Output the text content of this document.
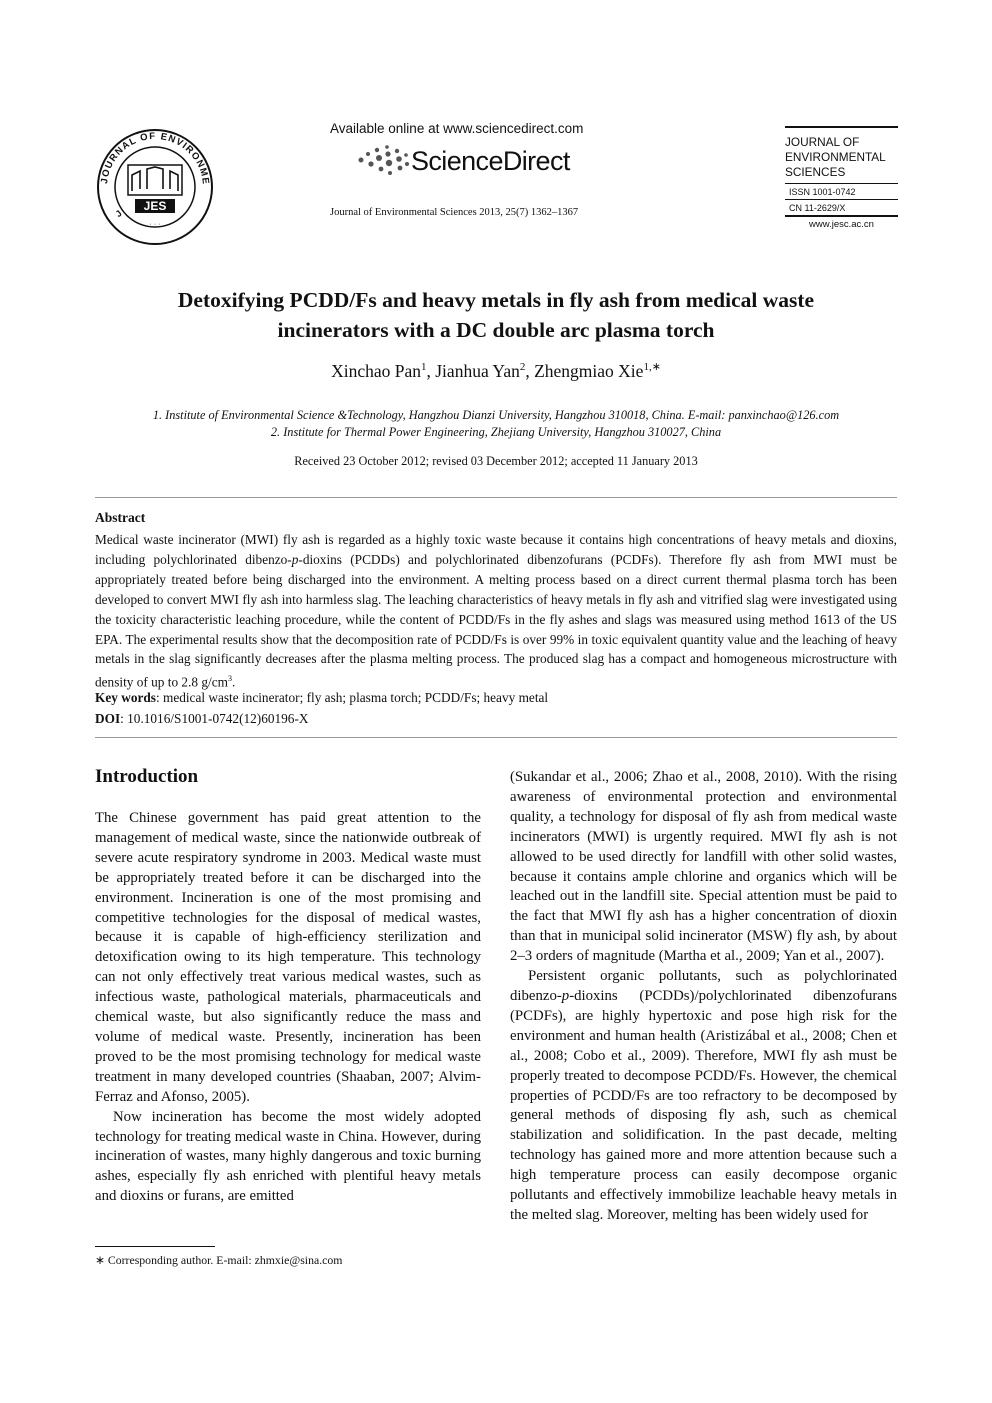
J
JOURNAL OF ENVIRONME
JES
· · ·
Available online at www.sciencedirect.com
ScienceDirect
Journal of Environmental Sciences 2013, 25(7) 1362–1367
JOURNAL OF
ENVIRONMENTAL
SCIENCES
ISSN 1001-0742
CN 11-2629/X
www.jesc.ac.cn
Detoxifying PCDD/Fs and heavy metals in fly ash from medical waste
incinerators with a DC double arc plasma torch
Xinchao Pan$^1$, Jianhua Yan$^2$, Zhengmiao Xie$^{1,∗}$
1. Institute of Environmental Science &Technology, Hangzhou Dianzi University, Hangzhou 310018, China. E-mail: panxinchao@126.com
2. Institute for Thermal Power Engineering, Zhejiang University, Hangzhou 310027, China
Received 23 October 2012; revised 03 December 2012; accepted 11 January 2013
Abstract
Medical waste incinerator (MWI) fly ash is regarded as a highly toxic waste because it contains high concentrations of heavy metals and dioxins, including polychlorinated dibenzo-p-dioxins (PCDDs) and polychlorinated dibenzofurans (PCDFs). Therefore fly ash from MWI must be appropriately treated before being discharged into the environment. A melting process based on a direct current thermal plasma torch has been developed to convert MWI fly ash into harmless slag. The leaching characteristics of heavy metals in fly ash and vitrified slag were investigated using the toxicity characteristic leaching procedure, while the content of PCDD/Fs in the fly ashes and slags was measured using method 1613 of the US EPA. The experimental results show that the decomposition rate of PCDD/Fs is over 99% in toxic equivalent quantity value and the leaching of heavy metals in the slag significantly decreases after the plasma melting process. The produced slag has a compact and homogeneous microstructure with density of up to 2.8 $g/cm^3$.
Key words: medical waste incinerator; fly ash; plasma torch; PCDD/Fs; heavy metal
DOI: 10.1016/S1001-0742(12)60196-X
Introduction

The Chinese government has paid great attention to the management of medical waste, since the nationwide outbreak of severe acute respiratory syndrome in 2003. Medical waste must be appropriately treated before it can be discharged into the environment. Incineration is one of the most promising and competitive technologies for the disposal of medical wastes, because it is capable of high-efficiency sterilization and detoxification owing to its high temperature. This technology can not only effectively treat various medical wastes, such as infectious waste, pathological materials, pharmaceuticals and chemical waste, but also significantly reduce the mass and volume of medical waste. Presently, incineration has been proved to be the most promising technology for medical waste treatment in many developed countries (Shaaban, 2007; Alvim-Ferraz and Afonso, 2005).

Now incineration has become the most widely adopted technology for treating medical waste in China. However, during incineration of wastes, many highly dangerous and toxic burning ashes, especially fly ash enriched with plentiful heavy metals and dioxins or furans, are emitted

(Sukandar et al., 2006; Zhao et al., 2008, 2010). With the rising awareness of environmental protection and environmental quality, a technology for disposal of fly ash from medical waste incinerators (MWI) is urgently required. MWI fly ash is not allowed to be used directly for landfill with other solid wastes, because it contains ample chlorine and organics which will be leached out in the landfill site. Special attention must be paid to the fact that MWI fly ash has a higher concentration of dioxin than that in municipal solid incinerator (MSW) fly ash, by about 2–3 orders of magnitude (Martha et al., 2009; Yan et al., 2007).

Persistent organic pollutants, such as polychlorinated dibenzo-p-dioxins (PCDDs)/polychlorinated dibenzofurans (PCDFs), are highly hypertoxic and pose high risk for the environment and human health (Aristizábal et al., 2008; Chen et al., 2008; Cobo et al., 2009). Therefore, MWI fly ash must be properly treated to decompose PCDD/Fs. However, the chemical properties of PCDD/Fs are too refractory to be decomposed by general methods of disposing fly ash, such as chemical stabilization and solidification. In the past decade, melting technology has gained more and more attention because such a high temperature process can easily decompose organic pollutants and effectively immobilize leachable heavy metals in the melted slag. Moreover, melting has been widely used for

∗ Corresponding author. E-mail: zhmxie@sina.com
